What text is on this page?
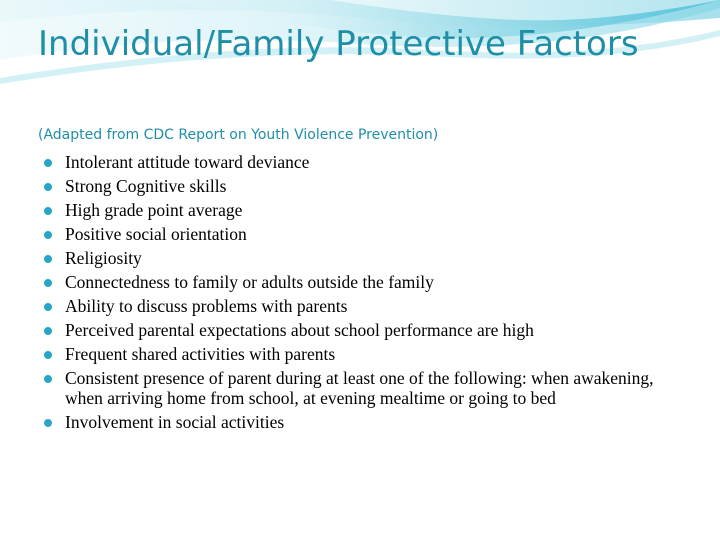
Individual/Family Protective Factors

(Adapted from CDC Report on Youth Violence Prevention)

Intolerant attitude toward deviance
Strong Cognitive skills
High grade point average
Positive social orientation
Religiosity
Connectedness to family or adults outside the family
Ability to discuss problems with parents
Perceived parental expectations about school performance are high
Frequent shared activities with parents
Consistent presence of parent during at least one of the following: when awakening, when arriving home from school, at evening mealtime or going to bed
Involvement in social activities
